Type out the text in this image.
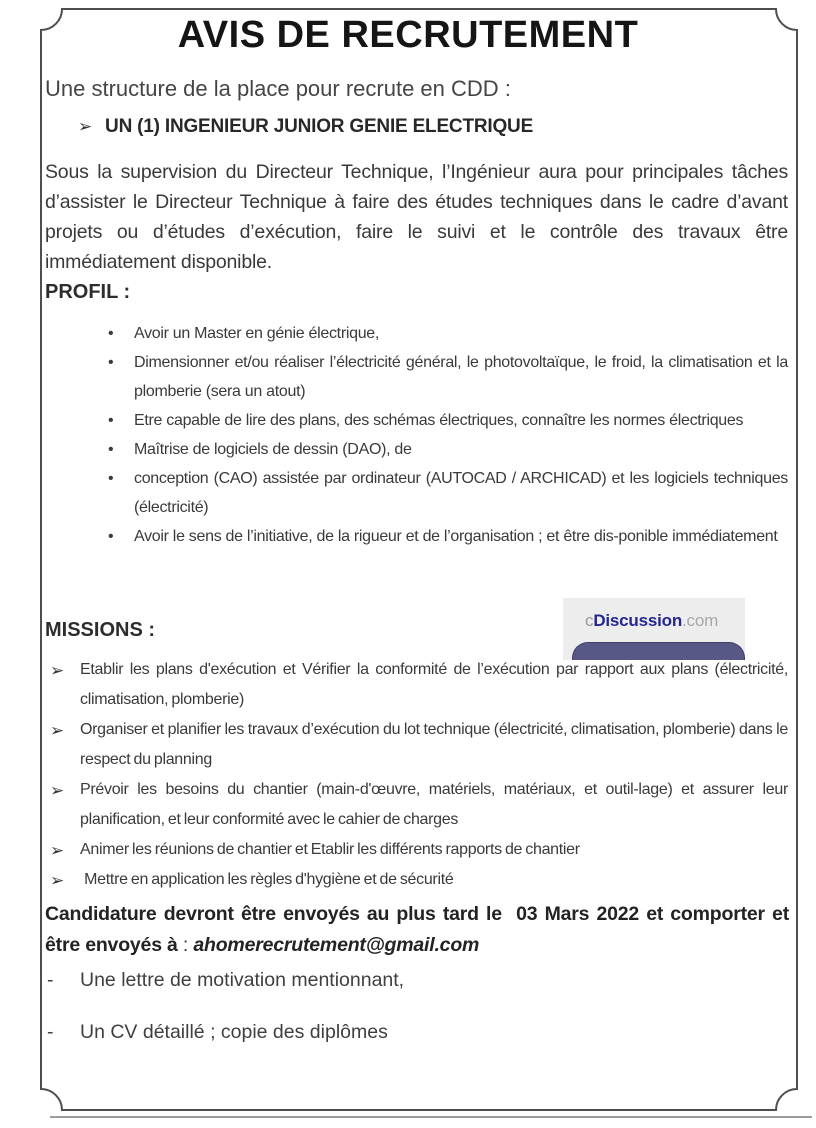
AVIS DE RECRUTEMENT

Une structure de la place pour recrute en CDD :

➢ UN (1) INGENIEUR JUNIOR GENIE ELECTRIQUE

Sous la supervision du Directeur Technique, l’Ingénieur aura pour principales tâches d’assister le Directeur Technique à faire des études techniques dans le cadre d’avant projets ou d’études d’exécution, faire le suivi et le contrôle des travaux être immédiatement disponible.

PROFIL :
• Avoir un Master en génie électrique,
• Dimensionner et/ou réaliser l’électricité général, le photovoltaïque, le froid, la climatisation et la plomberie (sera un atout)
• Etre capable de lire des plans, des schémas électriques, connaître les normes électriques
• Maîtrise de logiciels de dessin (DAO), de
• conception (CAO) assistée par ordinateur (AUTOCAD / ARCHICAD) et les logiciels techniques (électricité)
• Avoir le sens de l’initiative, de la rigueur et de l’organisation ; et être dis-ponible immédiatement
MISSIONS :	cDiscussion.com
➢ Etablir les plans d'exécution et Vérifier la conformité de l’exécution par rapport aux plans (électricité, climatisation, plomberie)
➢ Organiser et planifier les travaux d’exécution du lot technique (électricité, climatisation, plomberie) dans le respect du planning
➢ Prévoir les besoins du chantier (main-d'œuvre, matériels, matériaux, et outil-lage) et assurer leur planification, et leur conformité avec le cahier de charges
➢ Animer les réunions de chantier et Etablir les différents rapports de chantier
➢ Mettre en application les règles d'hygiène et de sécurité

Candidature devront être envoyés au plus tard le  03 Mars 2022 et comporter et être envoyés à : ahomerecrutement@gmail.com

- Une lettre de motivation mentionnant,
- Un CV détaillé ; copie des diplômes
